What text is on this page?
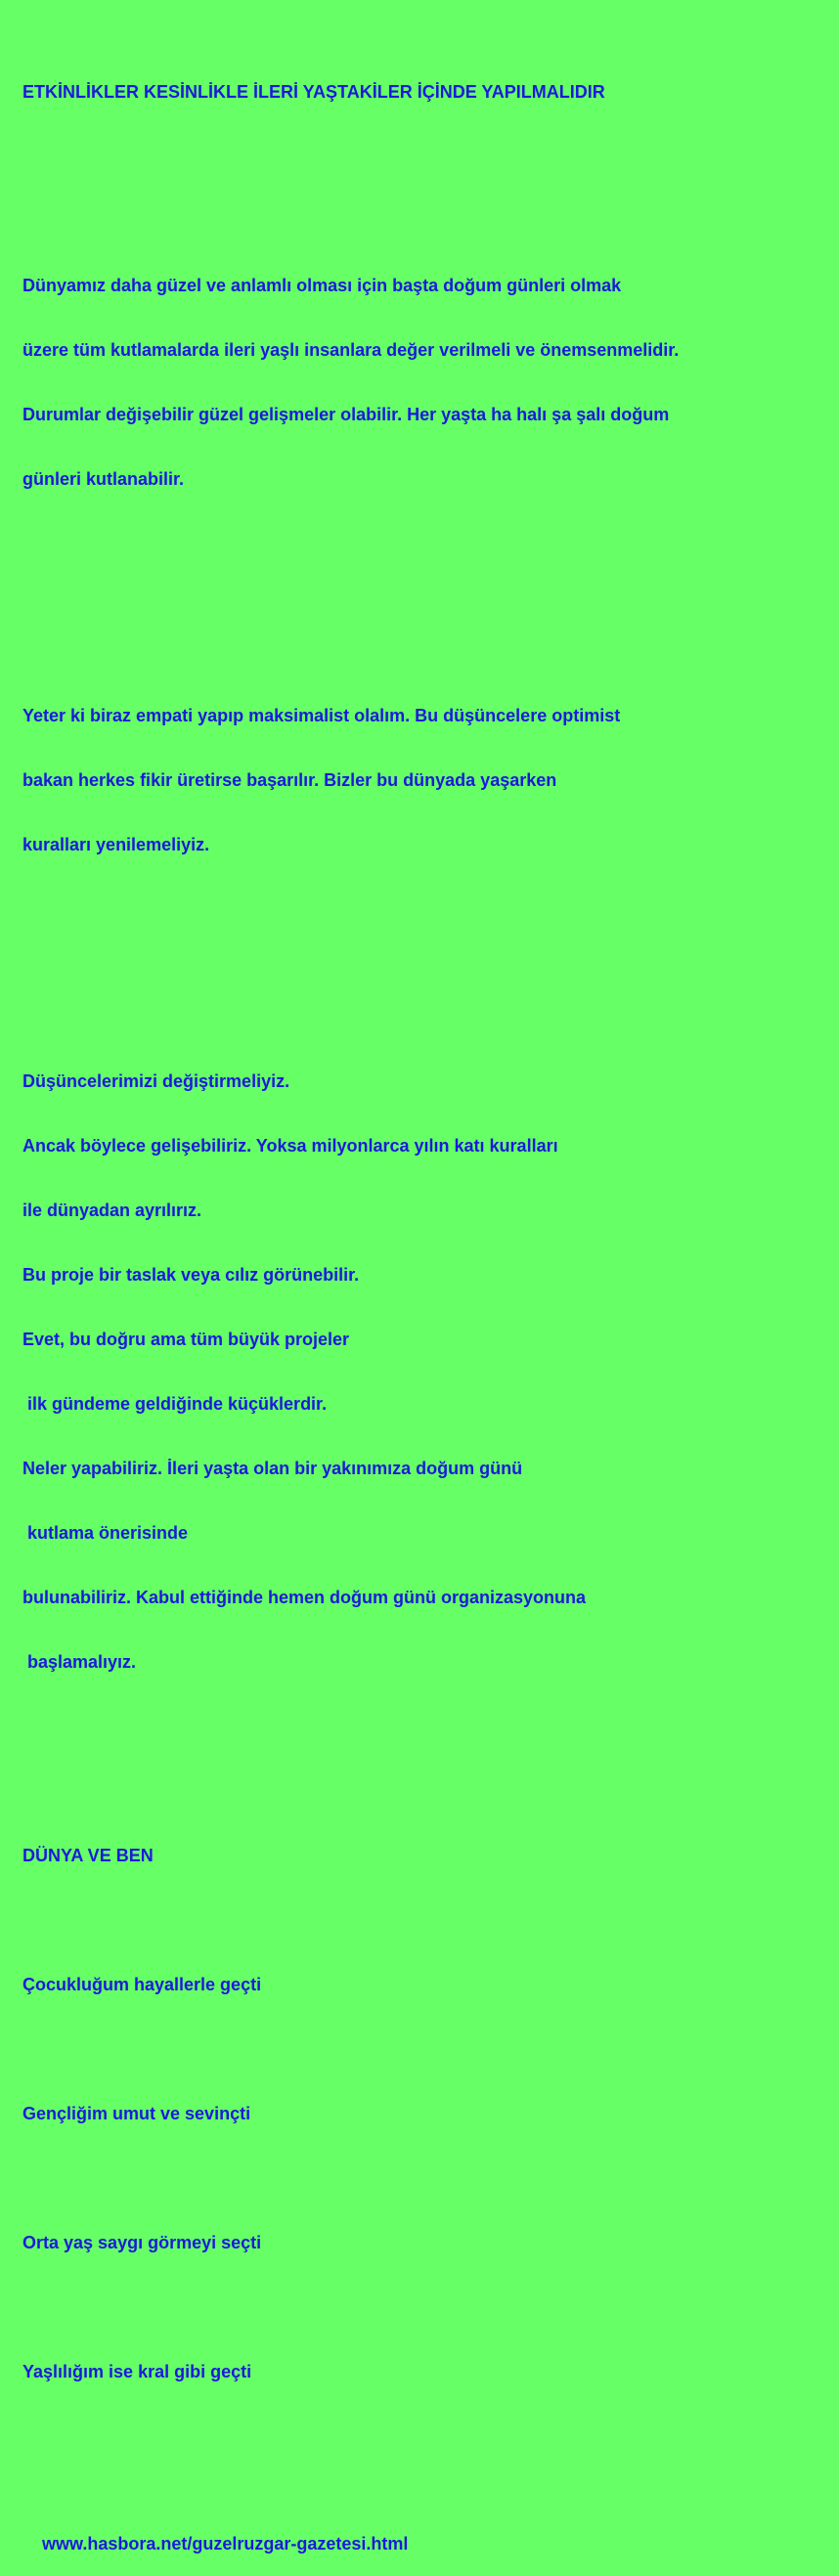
ETKİNLİKLER KESİNLİKLE İLERİ YAŞTAKİLER İÇİNDE YAPILMALIDIR

Dünyamız daha güzel ve anlamlı olması için başta doğum günleri olmak

üzere tüm kutlamalarda ileri yaşlı insanlara değer verilmeli ve önemsenmelidir.

Durumlar değişebilir güzel gelişmeler olabilir. Her yaşta ha halı şa şalı doğum

günleri kutlanabilir.

Yeter ki biraz empati yapıp maksimalist olalım. Bu düşüncelere optimist

bakan herkes fikir üretirse başarılır. Bizler bu dünyada yaşarken

kuralları yenilemeliyiz.

Düşüncelerimizi değiştirmeliyiz.

Ancak böylece gelişebiliriz. Yoksa milyonlarca yılın katı kuralları

ile dünyadan ayrılırız.

Bu proje bir taslak veya cılız görünebilir.

Evet, bu doğru ama tüm büyük projeler

ilk gündeme geldiğinde küçüklerdir.

Neler yapabiliriz. İleri yaşta olan bir yakınımıza doğum günü

kutlama önerisinde

bulunabiliriz. Kabul ettiğinde hemen doğum günü organizasyonuna

başlamalıyız.

DÜNYA VE BEN

Çocukluğum hayallerle geçti

Gençliğim umut ve sevinçti

Orta yaş saygı görmeyi seçti

Yaşlılığım ise kral gibi geçti

www.hasbora.net/guzelruzgar-gazetesi.html
